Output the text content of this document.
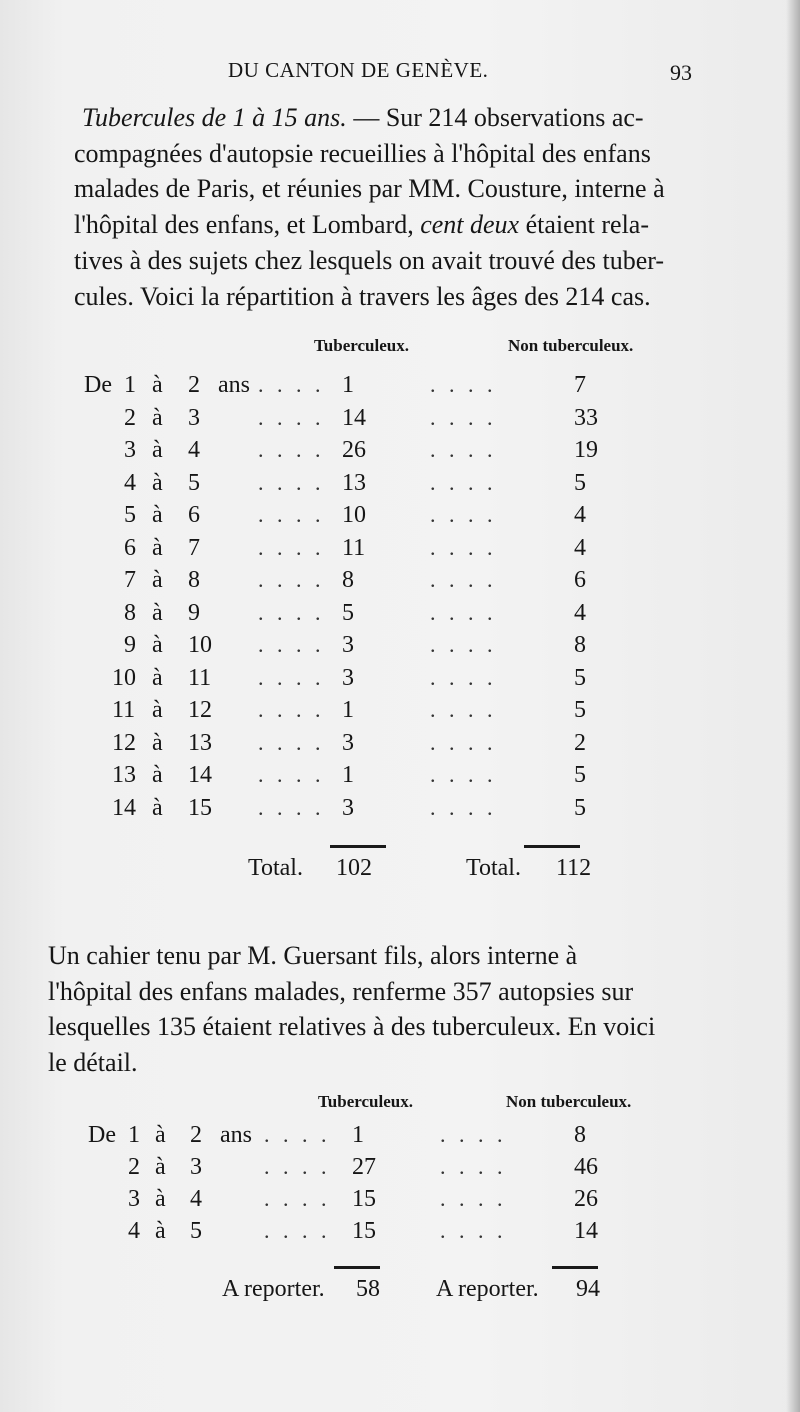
DU CANTON DE GENÈVE.	93
Tubercules de 1 à 15 ans. — Sur 214 observations ac-
compagnées d'autopsie recueillies à l'hôpital des enfans
malades de Paris, et réunies par MM. Cousture, interne à
l'hôpital des enfans, et Lombard, cent deux étaient rela-
tives à des sujets chez lesquels on avait trouvé des tuber-
cules. Voici la répartition à travers les âges des 214 cas.
Tuberculeux.	Non tuberculeux.
De 1 à 2 ans . . . . 1	. . . .	7
2 à 3	. . . . 14	. . . .	33
3 à 4	. . . . 26	. . . .	19
4 à 5	. . . . 13	. . . .	5
5 à 6	. . . . 10	. . . .	4
6 à 7	. . . . 11	. . . .	4
7 à 8	. . . . 8	. . . .	6
8 à 9	. . . . 5	. . . .	4
9 à 10 . . . . 3	. . . .	8
10 à 11 . . . . 3	. . . .	5
11 à 12 . . . . 1	. . . .	5
12 à 13 . . . . 3	. . . .	2
13 à 14 . . . . 1	. . . .	5
14 à 15 . . . . 3	. . . .	5
Total. 102	Total. 112
Un cahier tenu par M. Guersant fils, alors interne à
l'hôpital des enfans malades, renferme 357 autopsies sur
lesquelles 135 étaient relatives à des tuberculeux. En voici
le détail.
Tuberculeux.	Non tuberculeux.
De 1 à 2 ans . . . . 1	. . . .	8
2 à 3	. . . . 27	. . . .	46
3 à 4	. . . . 15	. . . .	26
4 à 5	. . . . 15	. . . .	14
A reporter. 58 A reporter. 94
